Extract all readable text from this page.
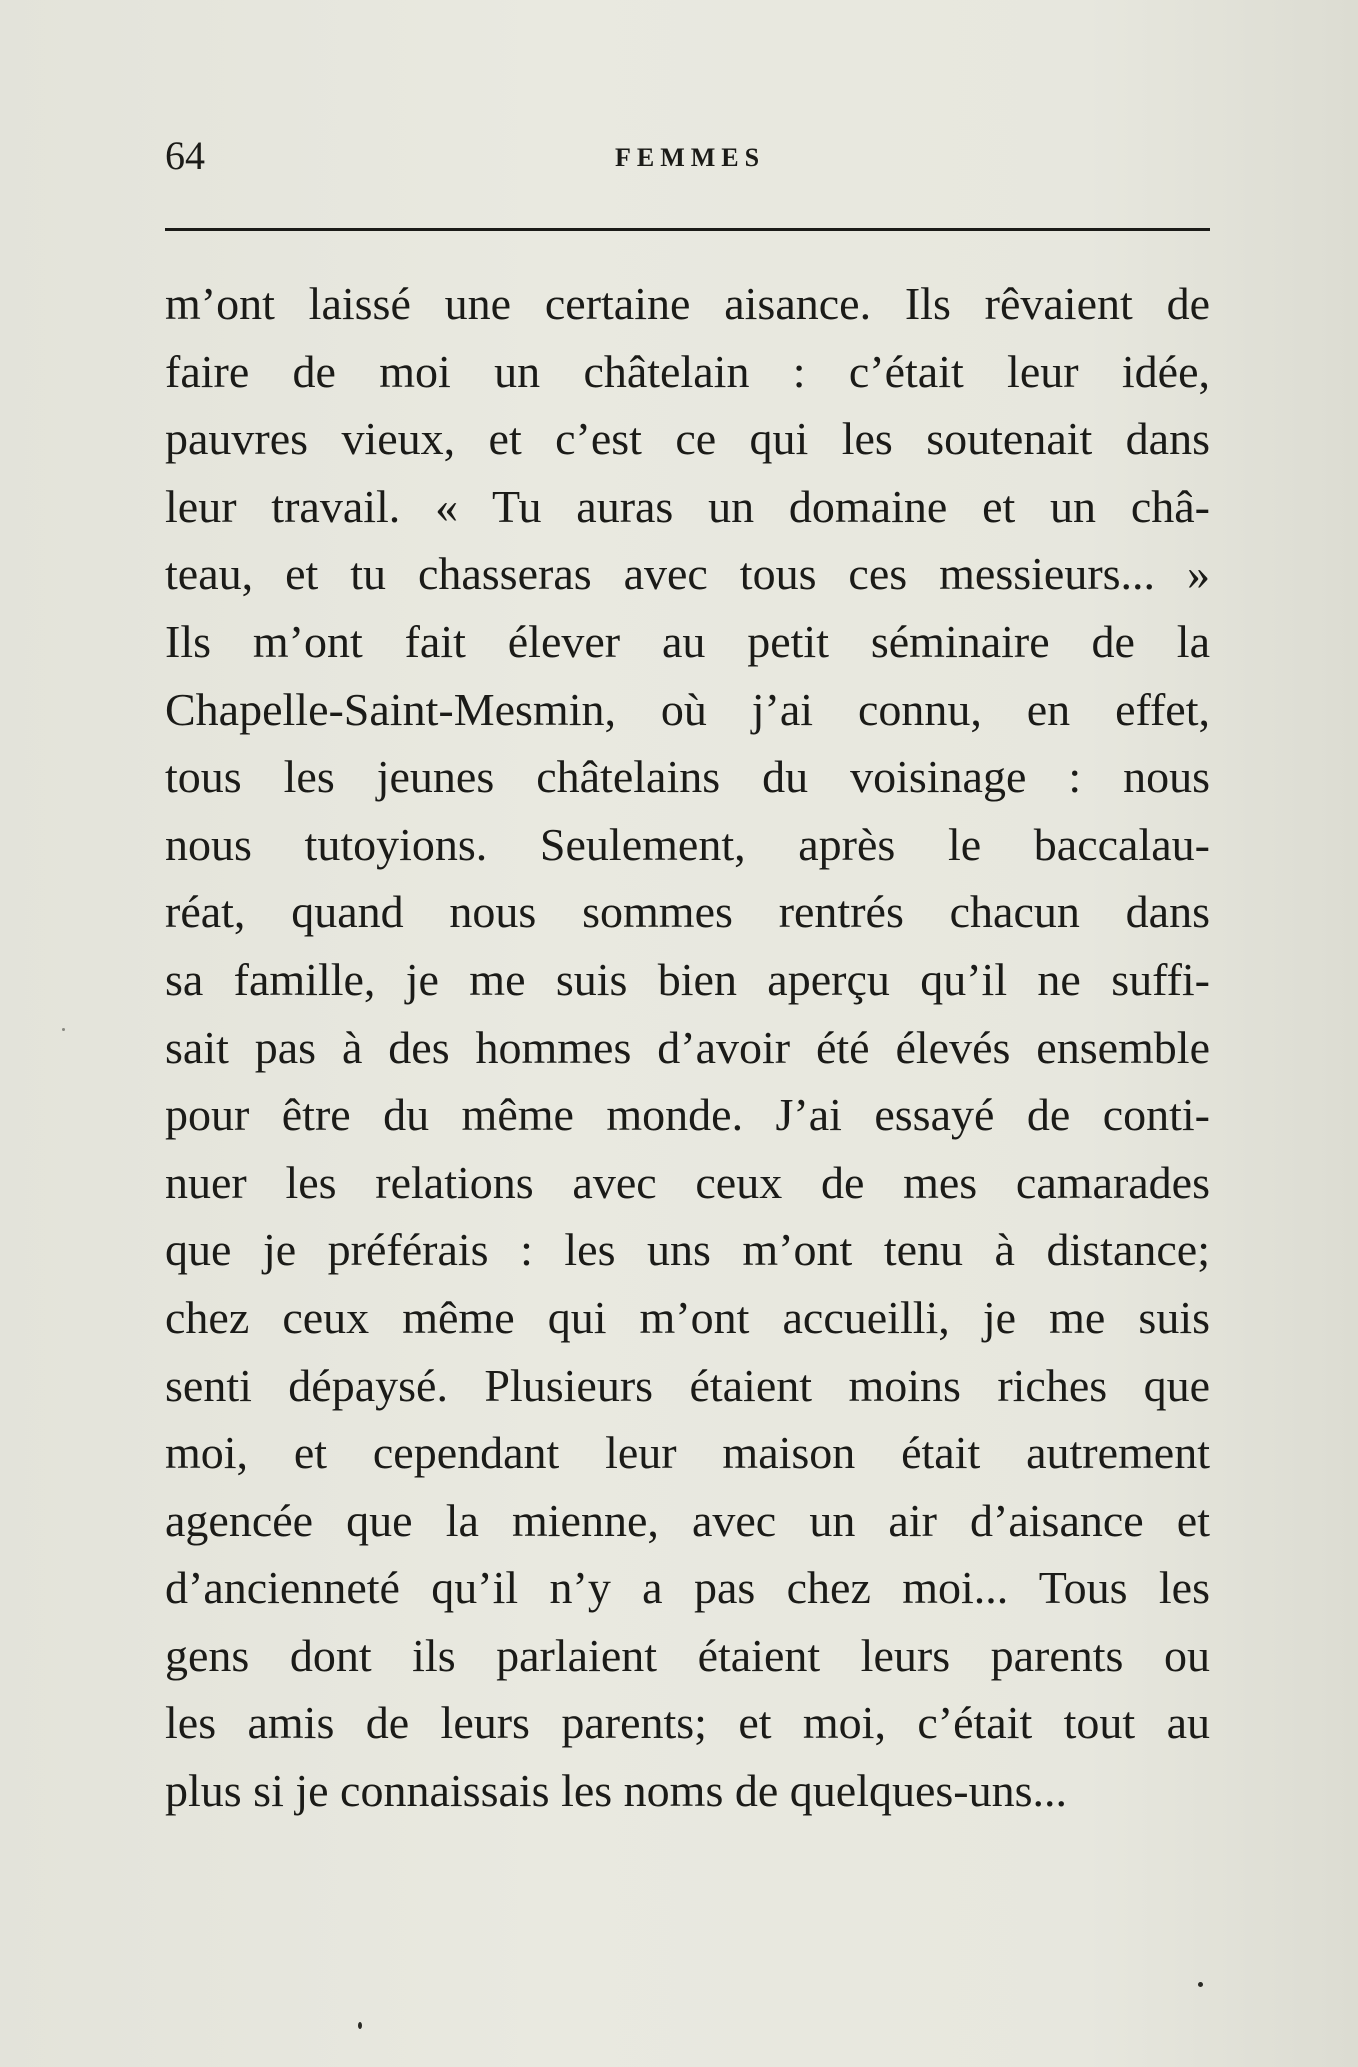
64	FEMMES
m’ont laissé une certaine aisance. Ils rêvaient de
faire de moi un châtelain : c’était leur idée,
pauvres vieux, et c’est ce qui les soutenait dans
leur travail. « Tu auras un domaine et un châ-
teau, et tu chasseras avec tous ces messieurs... »
Ils m’ont fait élever au petit séminaire de la
Chapelle-Saint-Mesmin, où j’ai connu, en effet,
tous les jeunes châtelains du voisinage : nous
nous tutoyions. Seulement, après le baccalau-
réat, quand nous sommes rentrés chacun dans
sa famille, je me suis bien aperçu qu’il ne suffi-
sait pas à des hommes d’avoir été élevés ensemble
pour être du même monde. J’ai essayé de conti-
nuer les relations avec ceux de mes camarades
que je préférais : les uns m’ont tenu à distance;
chez ceux même qui m’ont accueilli, je me suis
senti dépaysé. Plusieurs étaient moins riches que
moi, et cependant leur maison était autrement
agencée que la mienne, avec un air d’aisance et
d’ancienneté qu’il n’y a pas chez moi... Tous les
gens dont ils parlaient étaient leurs parents ou
les amis de leurs parents; et moi, c’était tout au
plus si je connaissais les noms de quelques-uns...
